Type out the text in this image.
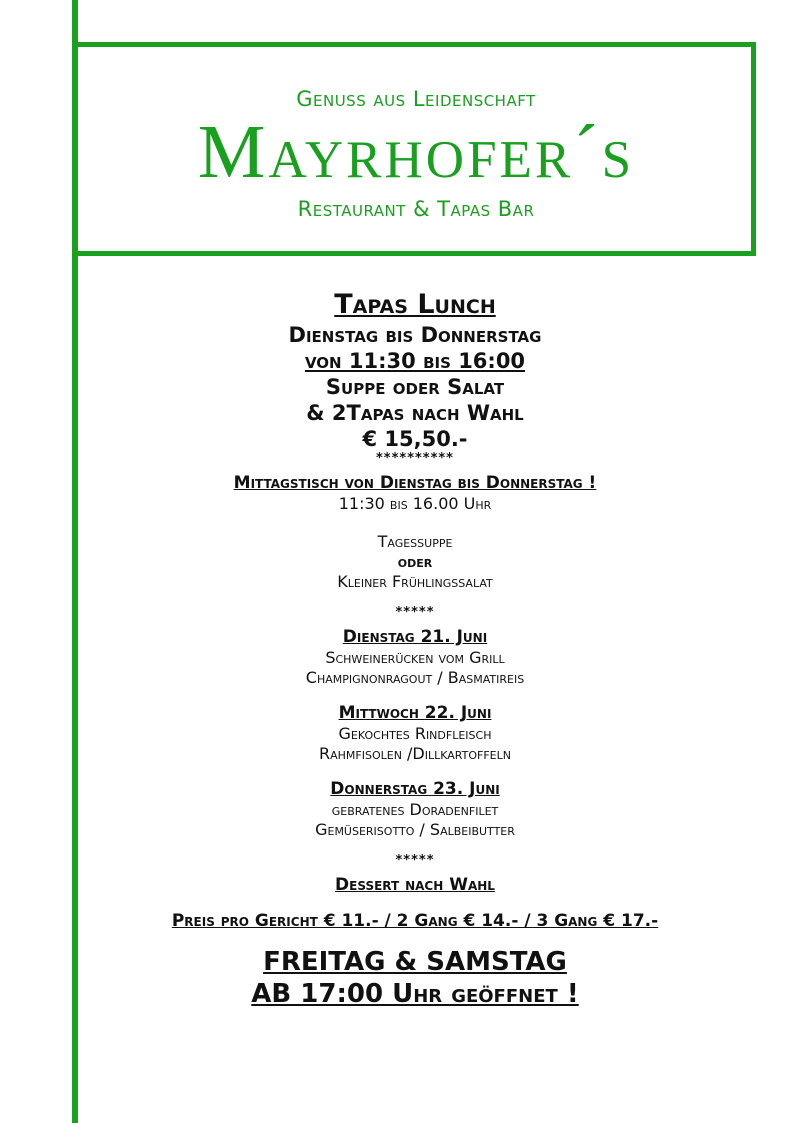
Genuss aus Leidenschaft
Mayrhofer´s
Restaurant & Tapas Bar
Tapas Lunch
Dienstag bis Donnerstag
von 11:30 bis 16:00
Suppe oder Salat
& 2Tapas nach Wahl
€ 15,50.-
**********
Mittagstisch von Dienstag bis Donnerstag !
11:30 bis 16.00 Uhr
Tagessuppe
oder
Kleiner Frühlingssalat
*****
Dienstag 21. Juni
Schweinerücken vom Grill
Champignonragout / Basmatireis
Mittwoch 22. Juni
Gekochtes Rindfleisch
Rahmfisolen /Dillkartoffeln
Donnerstag 23. Juni
gebratenes Doradenfilet
Gemüserisotto / Salbeibutter
*****
Dessert nach Wahl
Preis pro Gericht € 11.- / 2 Gang € 14.- / 3 Gang € 17.-
FREITAG & SAMSTAG
AB 17:00 Uhr geöffnet !
